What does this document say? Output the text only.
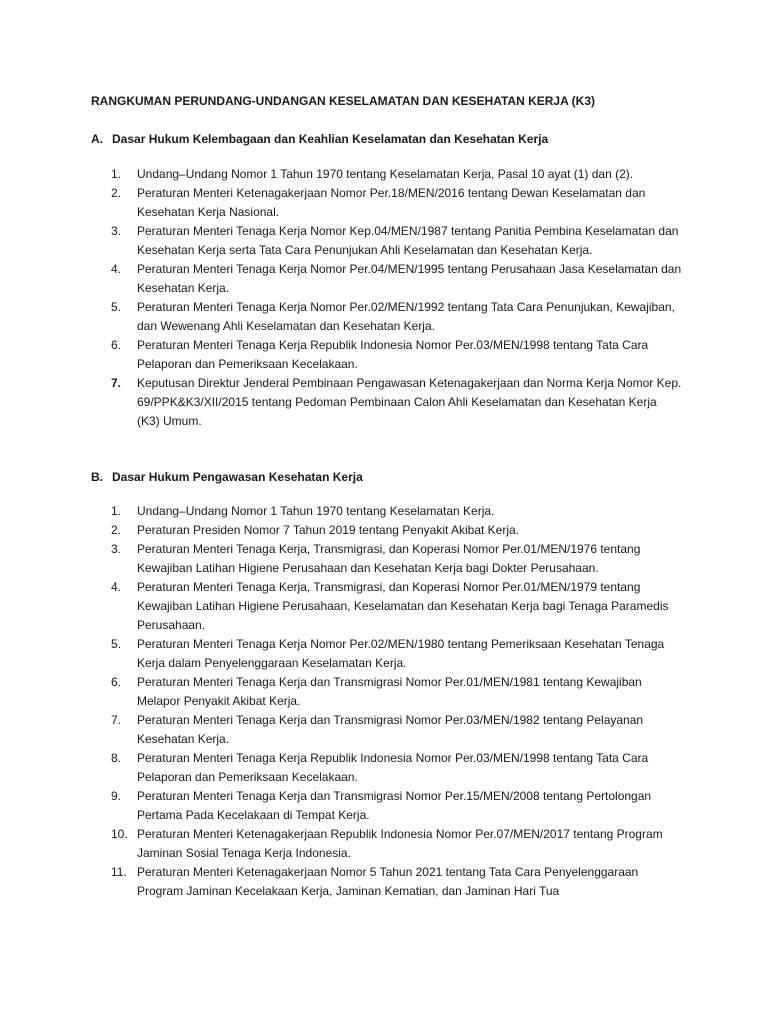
RANGKUMAN PERUNDANG-UNDANGAN KESELAMATAN DAN KESEHATAN KERJA (K3)
A. Dasar Hukum Kelembagaan dan Keahlian Keselamatan dan Kesehatan Kerja
1.	Undang–Undang Nomor 1 Tahun 1970 tentang Keselamatan Kerja, Pasal 10 ayat (1) dan (2).
2.	Peraturan Menteri Ketenagakerjaan Nomor Per.18/MEN/2016 tentang Dewan Keselamatan dan Kesehatan Kerja Nasional.
3.	Peraturan Menteri Tenaga Kerja Nomor Kep.04/MEN/1987 tentang Panitia Pembina Keselamatan dan Kesehatan Kerja serta Tata Cara Penunjukan Ahli Keselamatan dan Kesehatan Kerja.
4.	Peraturan Menteri Tenaga Kerja Nomor Per.04/MEN/1995 tentang Perusahaan Jasa Keselamatan dan Kesehatan Kerja.
5.	Peraturan Menteri Tenaga Kerja Nomor Per.02/MEN/1992 tentang Tata Cara Penunjukan, Kewajiban, dan Wewenang Ahli Keselamatan dan Kesehatan Kerja.
6.	Peraturan Menteri Tenaga Kerja Republik Indonesia Nomor Per.03/MEN/1998 tentang Tata Cara Pelaporan dan Pemeriksaan Kecelakaan.
7.	Keputusan Direktur Jenderal Pembinaan Pengawasan Ketenagakerjaan dan Norma Kerja Nomor Kep. 69/PPK&K3/XII/2015 tentang Pedoman Pembinaan Calon Ahli Keselamatan dan Kesehatan Kerja (K3) Umum.
B. Dasar Hukum Pengawasan Kesehatan Kerja
1.	Undang–Undang Nomor 1 Tahun 1970 tentang Keselamatan Kerja.
2.	Peraturan Presiden Nomor 7 Tahun 2019 tentang Penyakit Akibat Kerja.
3.	Peraturan Menteri Tenaga Kerja, Transmigrasi, dan Koperasi Nomor Per.01/MEN/1976 tentang Kewajiban Latihan Higiene Perusahaan dan Kesehatan Kerja bagi Dokter Perusahaan.
4.	Peraturan Menteri Tenaga Kerja, Transmigrasi, dan Koperasi Nomor Per.01/MEN/1979 tentang Kewajiban Latihan Higiene Perusahaan, Keselamatan dan Kesehatan Kerja bagi Tenaga Paramedis Perusahaan.
5.	Peraturan Menteri Tenaga Kerja Nomor Per.02/MEN/1980 tentang Pemeriksaan Kesehatan Tenaga Kerja dalam Penyelenggaraan Keselamatan Kerja.
6.	Peraturan Menteri Tenaga Kerja dan Transmigrasi Nomor Per.01/MEN/1981 tentang Kewajiban Melapor Penyakit Akibat Kerja.
7.	Peraturan Menteri Tenaga Kerja dan Transmigrasi Nomor Per.03/MEN/1982 tentang Pelayanan Kesehatan Kerja.
8.	Peraturan Menteri Tenaga Kerja Republik Indonesia Nomor Per.03/MEN/1998 tentang Tata Cara Pelaporan dan Pemeriksaan Kecelakaan.
9.	Peraturan Menteri Tenaga Kerja dan Transmigrasi Nomor Per.15/MEN/2008 tentang Pertolongan Pertama Pada Kecelakaan di Tempat Kerja.
10. Peraturan Menteri Ketenagakerjaan Republik Indonesia Nomor Per.07/MEN/2017 tentang Program Jaminan Sosial Tenaga Kerja Indonesia.
11. Peraturan Menteri Ketenagakerjaan Nomor 5 Tahun 2021 tentang Tata Cara Penyelenggaraan Program Jaminan Kecelakaan Kerja, Jaminan Kematian, dan Jaminan Hari Tua
